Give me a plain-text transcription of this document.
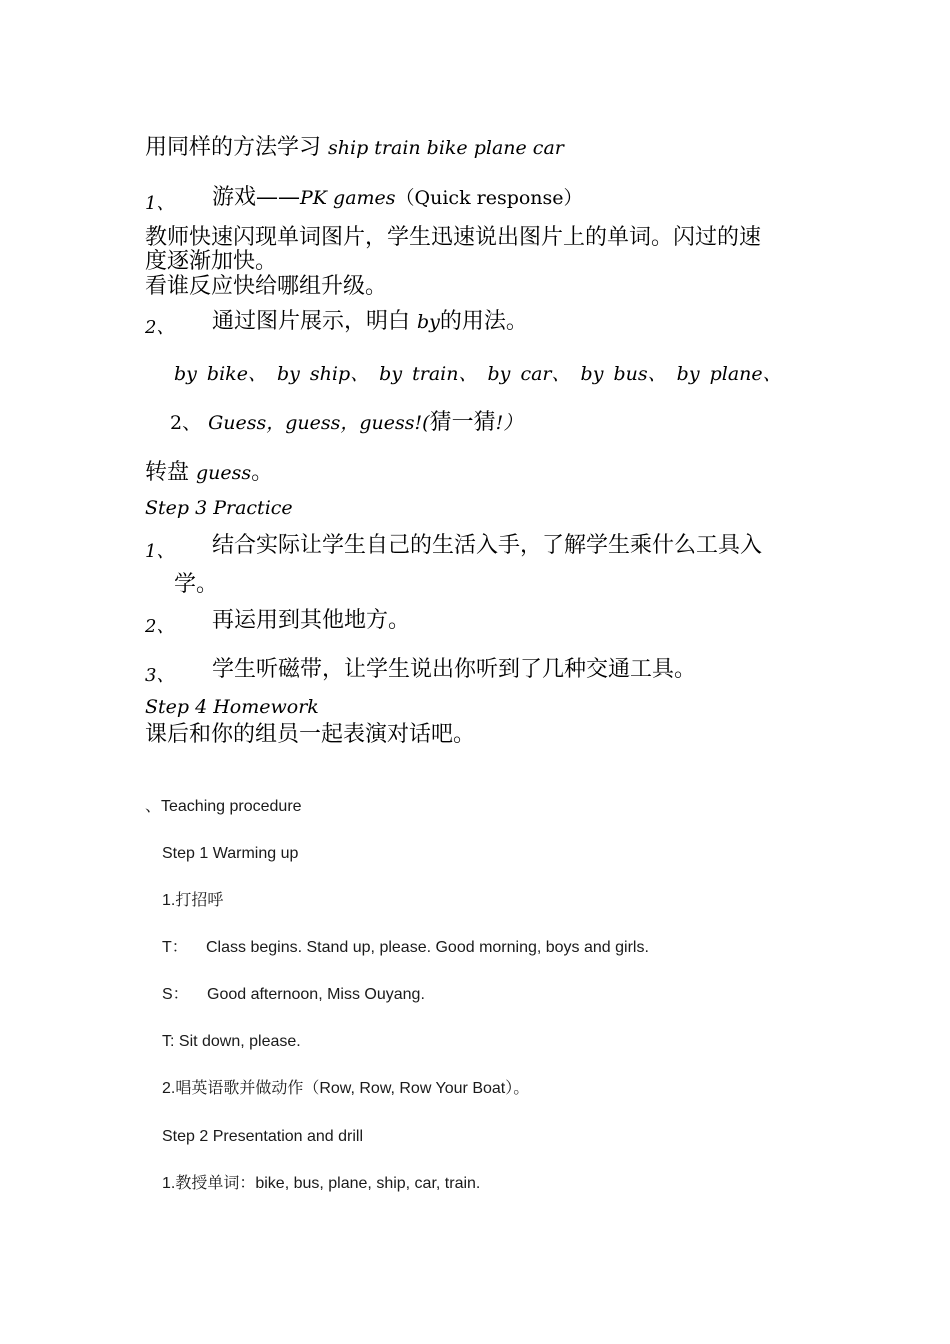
用同样的方法学习 ship train bike plane car
1、 游戏——PK games（Quick response）
教师快速闪现单词图片，学生迅速说出图片上的单词。闪过的速
度逐渐加快。
看谁反应快给哪组升级。
2、 通过图片展示，明白 by的用法。
by bike、 by ship、 by train、 by car、 by bus、 by plane、
2、 Guess，guess，guess!(猜一猜!）
转盘 guess。
Step 3 Practice
1、 结合实际让学生自己的生活入手，了解学生乘什么工具入
学。
2、 再运用到其他地方。
3、 学生听磁带，让学生说出你听到了几种交通工具。
Step 4 Homework
课后和你的组员一起表演对话吧。
、Teaching procedure
Step 1 Warming up
1.打招呼
T： Class begins. Stand up, please. Good morning, boys and girls.
S： Good afternoon, Miss Ouyang.
T: Sit down, please.
2.唱英语歌并做动作（Row, Row, Row Your Boat）。
Step 2 Presentation and drill
1.教授单词：bike, bus, plane, ship, car, train.
